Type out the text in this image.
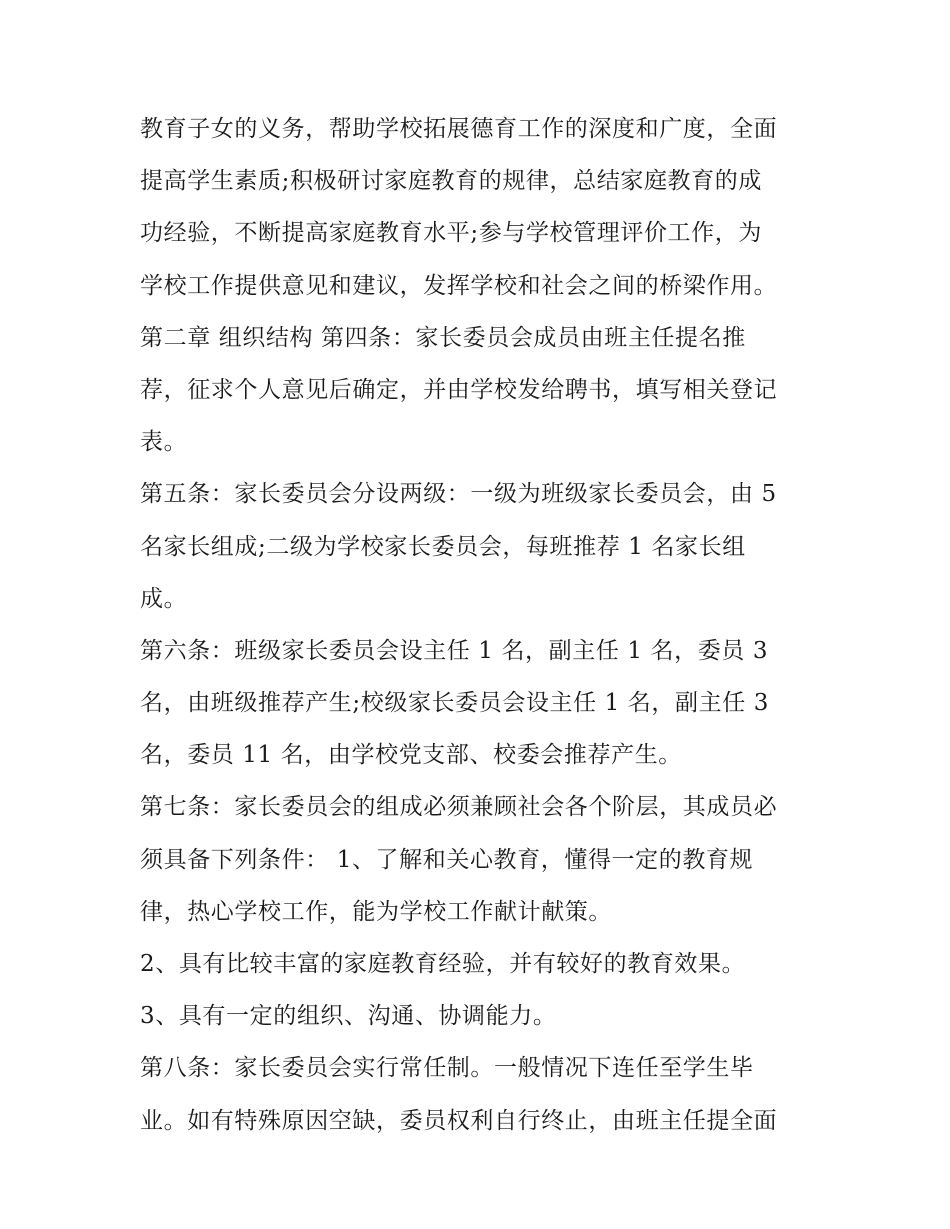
教育子女的义务，帮助学校拓展德育工作的深度和广度，全面
提高学生素质;积极研讨家庭教育的规律，总结家庭教育的成
功经验，不断提高家庭教育水平;参与学校管理评价工作，为
学校工作提供意见和建议，发挥学校和社会之间的桥梁作用。
第二章 组织结构 第四条：家长委员会成员由班主任提名推
荐，征求个人意见后确定，并由学校发给聘书，填写相关登记
表。
第五条：家长委员会分设两级：一级为班级家长委员会，由 5
名家长组成;二级为学校家长委员会，每班推荐 1 名家长组
成。
第六条：班级家长委员会设主任 1 名，副主任 1 名，委员 3
名，由班级推荐产生;校级家长委员会设主任 1 名，副主任 3
名，委员 11 名，由学校党支部、校委会推荐产生。
第七条：家长委员会的组成必须兼顾社会各个阶层，其成员必
须具备下列条件： 1、了解和关心教育，懂得一定的教育规
律，热心学校工作，能为学校工作献计献策。
2、具有比较丰富的家庭教育经验，并有较好的教育效果。
3、具有一定的组织、沟通、协调能力。
第八条：家长委员会实行常任制。一般情况下连任至学生毕
业。如有特殊原因空缺，委员权利自行终止，由班主任提全面
